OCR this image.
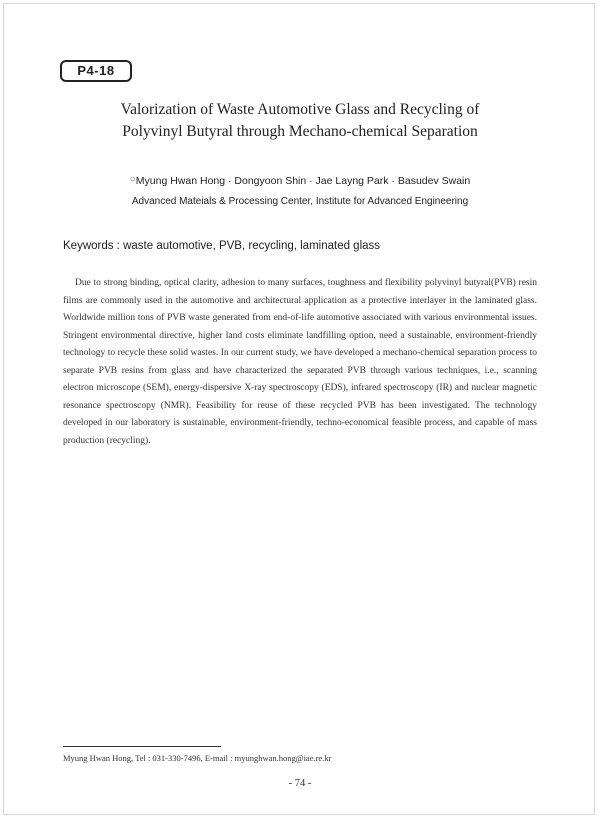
P4-18
Valorization of Waste Automotive Glass and Recycling of
Polyvinyl Butyral through Mechano-chemical Separation
○Myung Hwan Hong · Dongyoon Shin · Jae Layng Park · Basudev Swain
Advanced Mateials & Processing Center, Institute for Advanced Engineering
Keywords : waste automotive, PVB, recycling, laminated glass
Due to strong binding, optical clarity, adhesion to many surfaces, toughness and flexibility polyvinyl butyral(PVB) resin films are commonly used in the automotive and architectural application as a protective interlayer in the laminated glass. Worldwide million tons of PVB waste generated from end-of-life automotive associated with various environmental issues. Stringent environmental directive, higher land costs eliminate landfilling option, need a sustainable, environment-friendly technology to recycle these solid wastes. In our current study, we have developed a mechano-chemical separation process to separate PVB resins from glass and have characterized the separated PVB through various techniques, i.e., scanning electron microscope (SEM), energy-dispersive X-ray spectroscopy (EDS), infrared spectroscopy (IR) and nuclear magnetic resonance spectroscopy (NMR). Feasibility for reuse of these recycled PVB has been investigated. The technology developed in our laboratory is sustainable, environment-friendly, techno-economical feasible process, and capable of mass production (recycling).
Myung Hwan Hong, Tel : 031-330-7496, E-mail : myunghwan.hong@iae.re.kr
- 74 -
